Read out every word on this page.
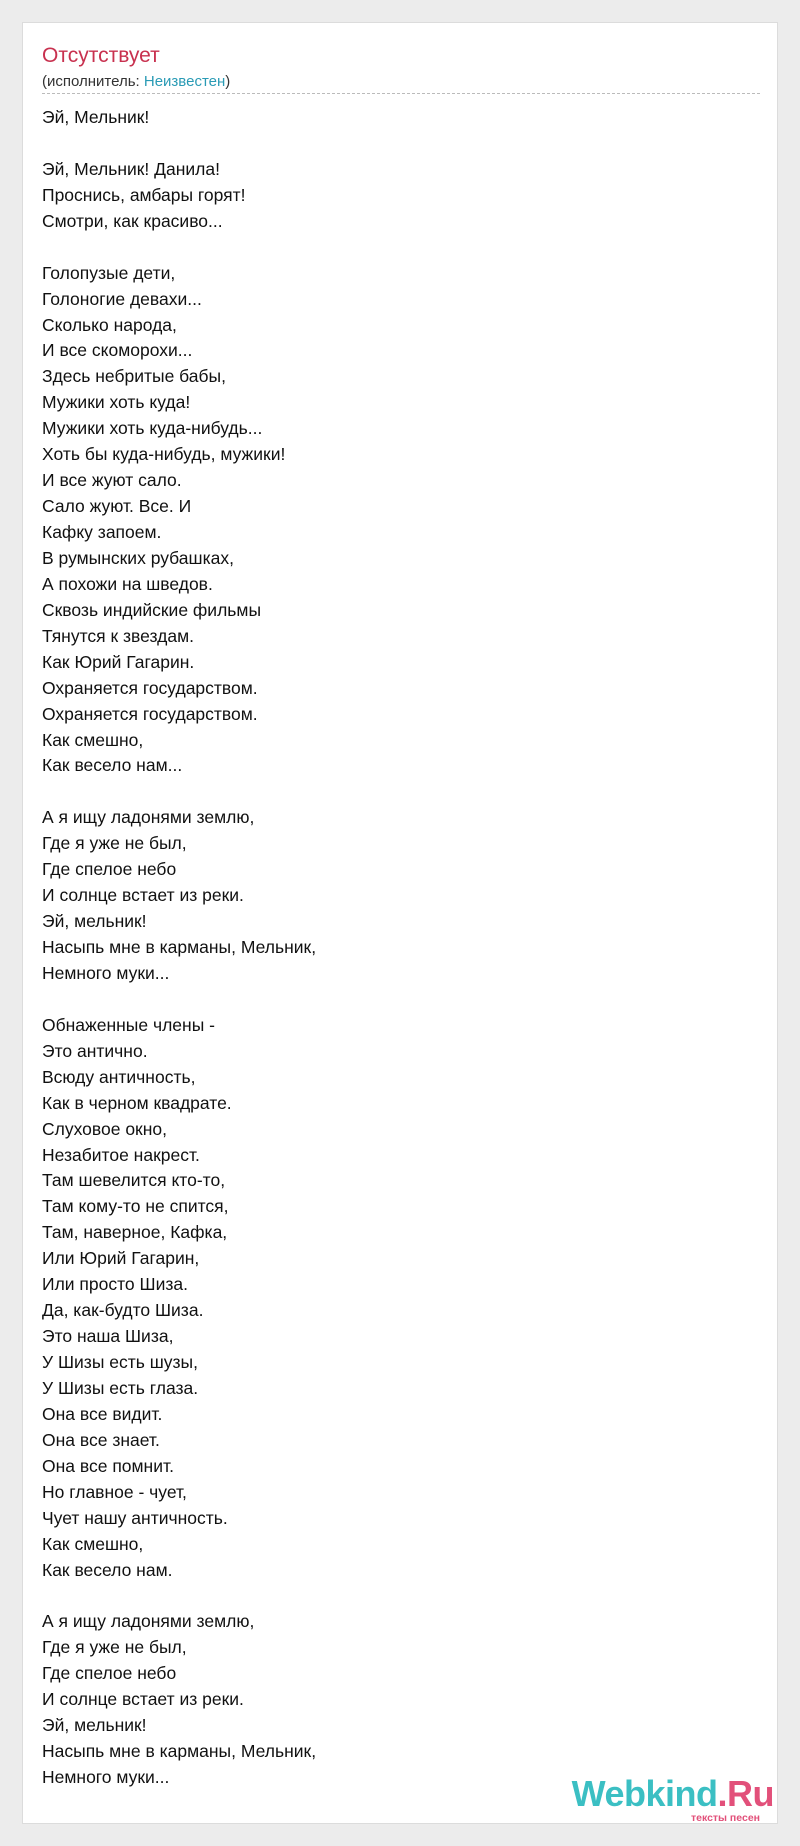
Отсутствует
(исполнитель: Неизвестен)
Эй, Мельник!
Эй, Мельник! Данила!
Проснись, амбары горят!
Смотри, как красиво...
Голопузые дети,
Голоногие девахи...
Сколько народа,
И все скоморохи...
Здесь небритые бабы,
Мужики хоть куда!
Мужики хоть куда-нибудь...
Хоть бы куда-нибудь, мужики!
И все жуют сало.
Сало жуют. Все. И
Кафку запоем.
В румынских рубашках,
А похожи на шведов.
Сквозь индийские фильмы
Тянутся к звездам.
Как Юрий Гагарин.
Охраняется государством.
Охраняется государством.
Как смешно,
Как весело нам...
А я ищу ладонями землю,
Где я уже не был,
Где спелое небо
И солнце встает из реки.
Эй, мельник!
Насыпь мне в карманы, Мельник,
Немного муки...
Обнаженные члены -
Это антично.
Всюду античность,
Как в черном квадрате.
Слуховое окно,
Незабитое накрест.
Там шевелится кто-то,
Там кому-то не спится,
Там, наверное, Кафка,
Или Юрий Гагарин,
Или просто Шиза.
Да, как-будто Шиза.
Это наша Шиза,
У Шизы есть шузы,
У Шизы есть глаза.
Она все видит.
Она все знает.
Она все помнит.
Но главное - чует,
Чует нашу античность.
Как смешно,
Как весело нам.
А я ищу ладонями землю,
Где я уже не был,
Где спелое небо
И солнце встает из реки.
Эй, мельник!
Насыпь мне в карманы, Мельник,
Немного муки...	Webkind.Ru
тексты песен
